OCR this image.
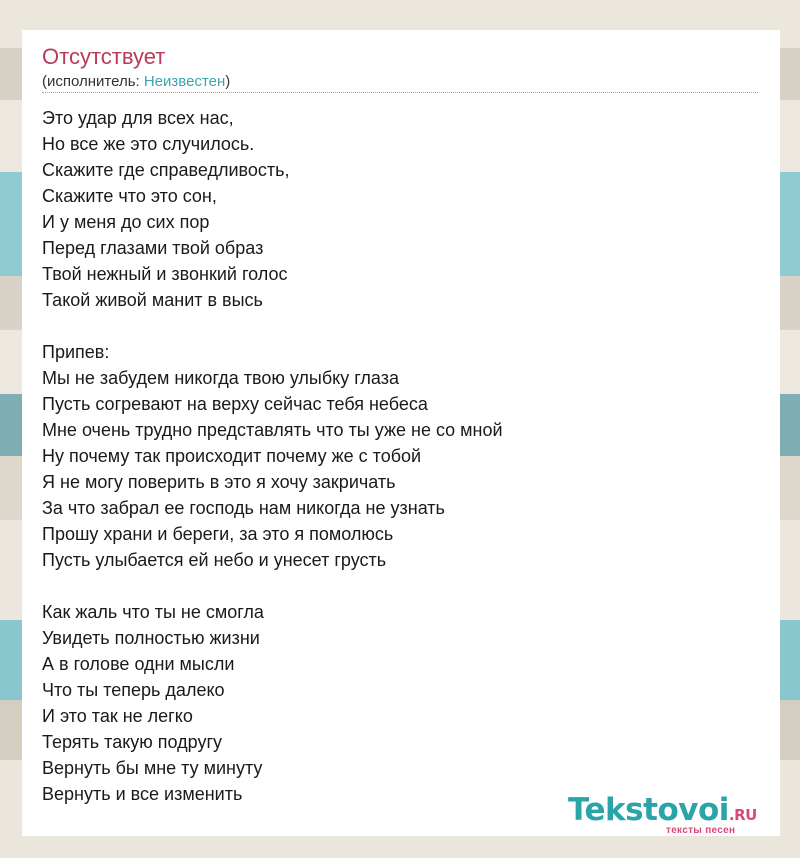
Отсутствует
(исполнитель: Неизвестен)
Это удар для всех нас,
Но все же это случилось.
Скажите где справедливость,
Скажите что это сон,
И у меня до сих пор
Перед глазами твой образ
Твой нежный и звонкий голос
Такой живой манит в высь
Припев:
Мы не забудем никогда твою улыбку глаза
Пусть согревают на верху сейчас тебя небеса
Мне очень трудно представлять что ты уже не со мной
Ну почему так происходит почему же с тобой
Я не могу поверить в это я хочу закричать
За что забрал ее господь нам никогда не узнать
Прошу храни и береги, за это я помолюсь
Пусть улыбается ей небо и унесет грусть
Как жаль что ты не смогла
Увидеть полностью жизни
А в голове одни мысли
Что ты теперь далеко
И это так не легко
Терять такую подругу
Вернуть бы мне ту минуту
Вернуть и все изменить	Tekstovoi.RU
тексты песен
